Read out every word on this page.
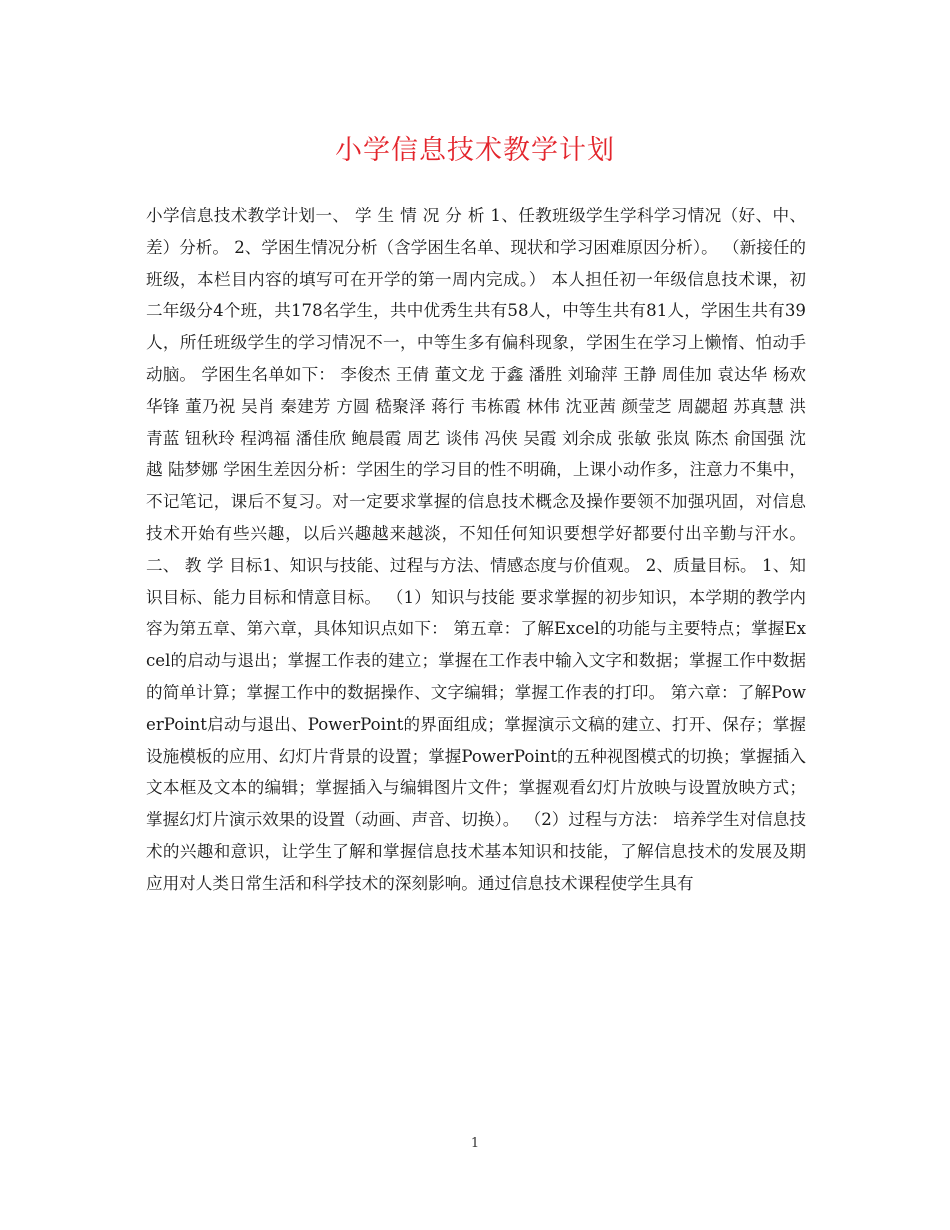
小学信息技术教学计划

小学信息技术教学计划一、 学 生 情 况 分 析 1、任教班级学生学科学习情况（好、中、差）分析。 2、学困生情况分析（含学困生名单、现状和学习困难原因分析）。 （新接任的班级，本栏目内容的填写可在开学的第一周内完成。） 本人担任初一年级信息技术课，初二年级分4个班，共178名学生，共中优秀生共有58人，中等生共有81人，学困生共有39人，所任班级学生的学习情况不一，中等生多有偏科现象，学困生在学习上懒惰、怕动手动脑。 学困生名单如下： 李俊杰 王倩 董文龙 于鑫 潘胜 刘瑜萍 王静 周佳加 袁达华 杨欢 华锋 董乃祝 吴肖 秦建芳 方圆 嵇聚泽 蒋行 韦栋霞 林伟 沈亚茜 颜莹芝 周勰超 苏真慧 洪青蓝 钮秋玲 程鸿福 潘佳欣 鲍晨霞 周艺 谈伟 冯侠 吴霞 刘余成 张敏 张岚 陈杰 俞国强 沈越 陆梦娜 学困生差因分析：学困生的学习目的性不明确，上课小动作多，注意力不集中，不记笔记，课后不复习。对一定要求掌握的信息技术概念及操作要领不加强巩固，对信息技术开始有些兴趣，以后兴趣越来越淡，不知任何知识要想学好都要付出辛勤与汗水。 二、 教 学 目标1、知识与技能、过程与方法、情感态度与价值观。 2、质量目标。 1、知识目标、能力目标和情意目标。 （1）知识与技能 要求掌握的初步知识，本学期的教学内容为第五章、第六章，具体知识点如下： 第五章：了解Excel的功能与主要特点；掌握Excel的启动与退出；掌握工作表的建立；掌握在工作表中输入文字和数据；掌握工作中数据的简单计算；掌握工作中的数据操作、文字编辑；掌握工作表的打印。 第六章：了解PowerPoint启动与退出、PowerPoint的界面组成；掌握演示文稿的建立、打开、保存；掌握设施模板的应用、幻灯片背景的设置；掌握PowerPoint的五种视图模式的切换；掌握插入文本框及文本的编辑；掌握插入与编辑图片文件；掌握观看幻灯片放映与设置放映方式；掌握幻灯片演示效果的设置（动画、声音、切换）。 （2）过程与方法： 培养学生对信息技术的兴趣和意识，让学生了解和掌握信息技术基本知识和技能，了解信息技术的发展及期应用对人类日常生活和科学技术的深刻影响。通过信息技术课程使学生具有

1
